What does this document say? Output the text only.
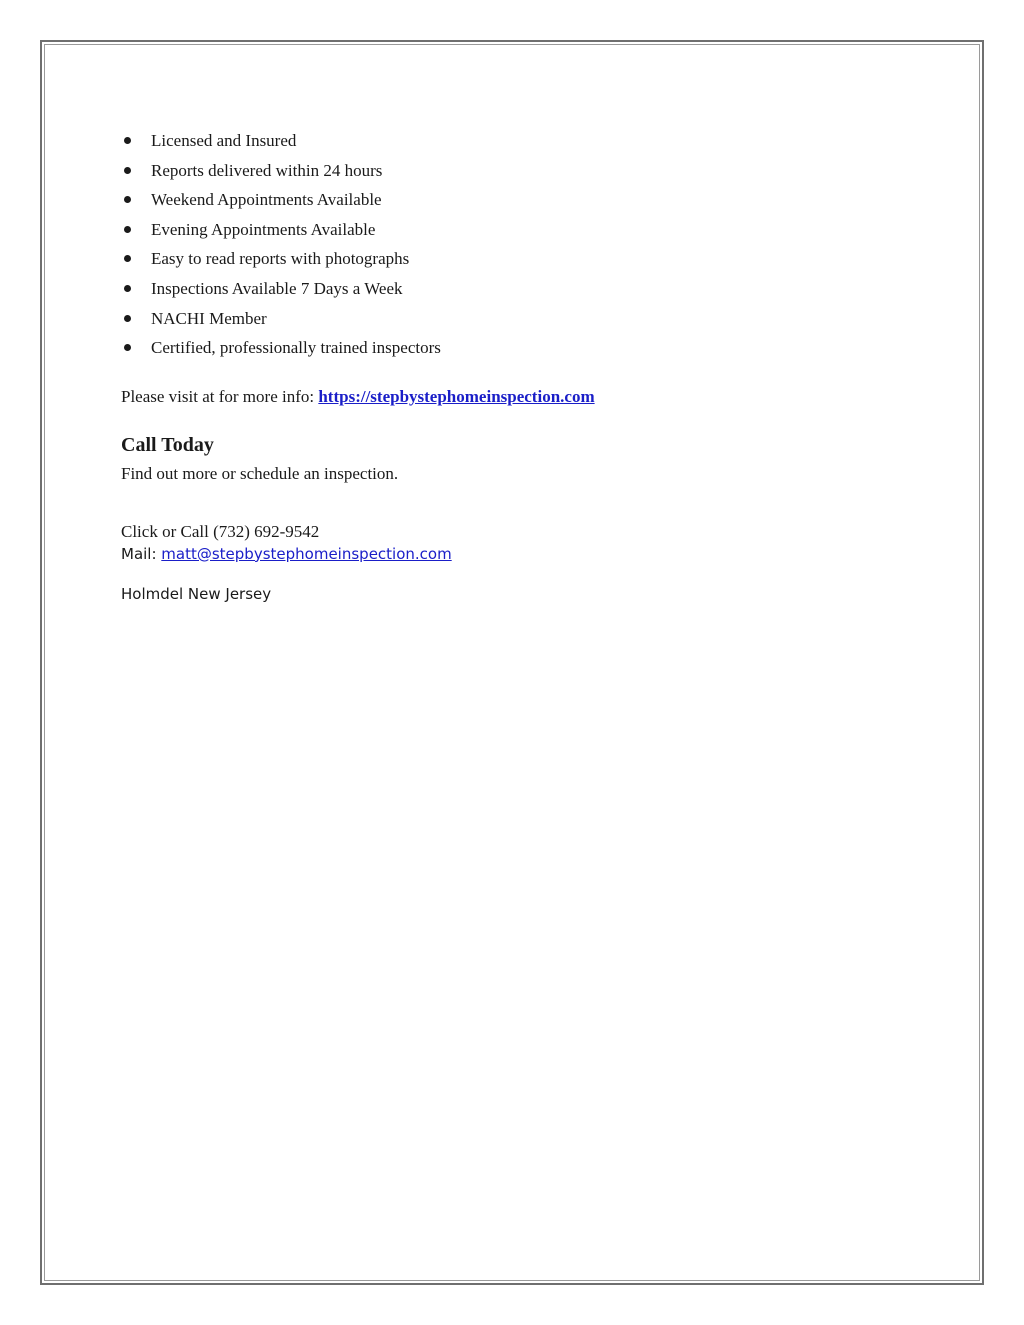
Licensed and Insured
Reports delivered within 24 hours
Weekend Appointments Available
Evening Appointments Available
Easy to read reports with photographs
Inspections Available 7 Days a Week
NACHI Member
Certified, professionally trained inspectors
Please visit at for more info: https://stepbystephomeinspection.com
Call Today
Find out more or schedule an inspection.
Click or Call (732) 692-9542
Mail: matt@stepbystephomeinspection.com
Holmdel New Jersey
